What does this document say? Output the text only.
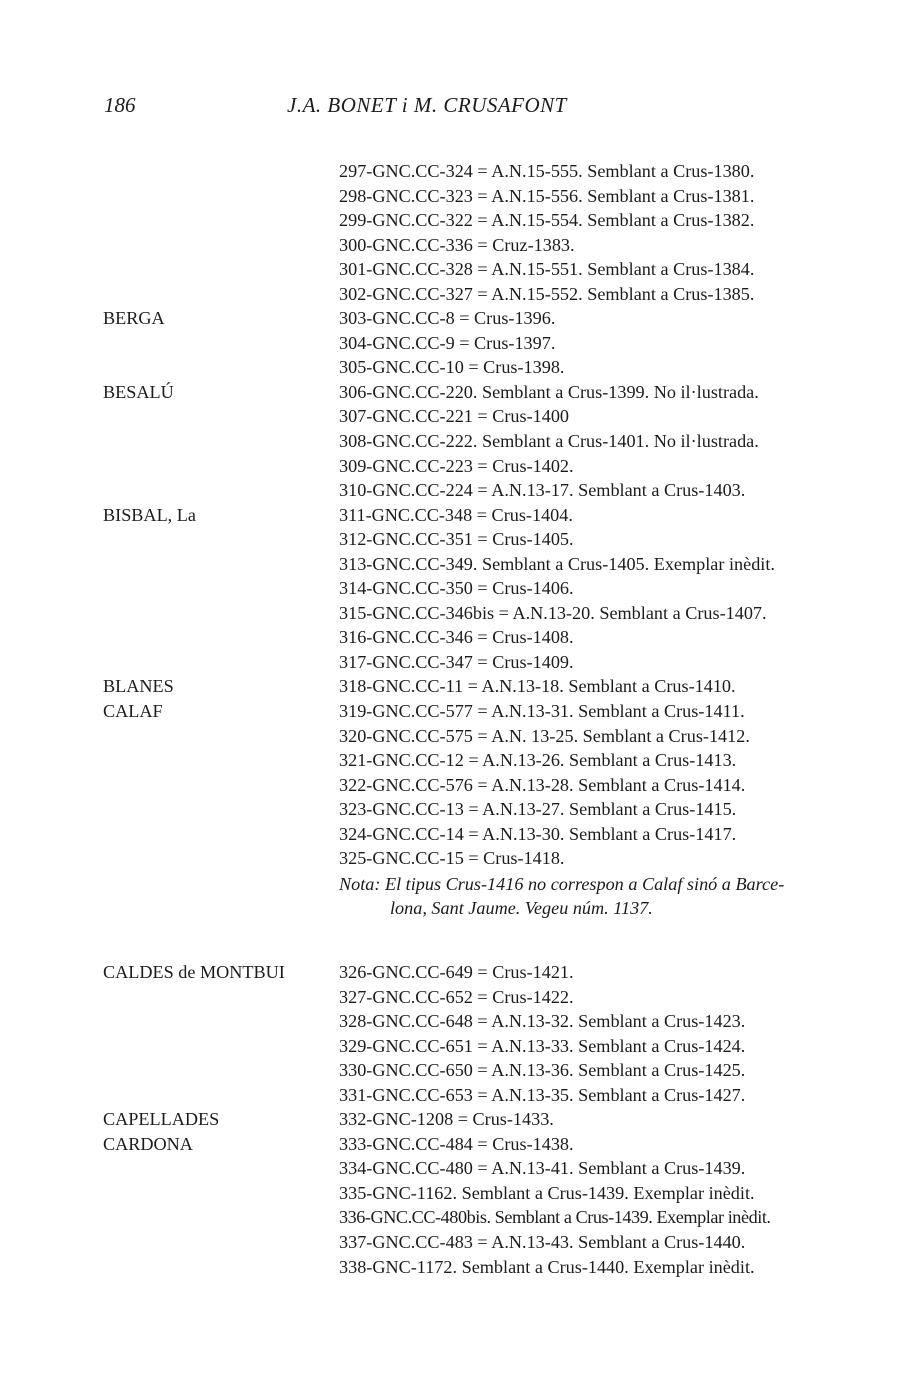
186	J.A. BONET i M. CRUSAFONT
297-GNC.CC-324 = A.N.15-555. Semblant a Crus-1380.
298-GNC.CC-323 = A.N.15-556. Semblant a Crus-1381.
299-GNC.CC-322 = A.N.15-554. Semblant a Crus-1382.
300-GNC.CC-336 = Cruz-1383.
301-GNC.CC-328 = A.N.15-551. Semblant a Crus-1384.
302-GNC.CC-327 = A.N.15-552. Semblant a Crus-1385.
BERGA	303-GNC.CC-8 = Crus-1396.
304-GNC.CC-9 = Crus-1397.
305-GNC.CC-10 = Crus-1398.
BESALÚ	306-GNC.CC-220. Semblant a Crus-1399. No il·lustrada.
307-GNC.CC-221 = Crus-1400
308-GNC.CC-222. Semblant a Crus-1401. No il·lustrada.
309-GNC.CC-223 = Crus-1402.
310-GNC.CC-224 = A.N.13-17. Semblant a Crus-1403.
BISBAL, La	311-GNC.CC-348 = Crus-1404.
312-GNC.CC-351 = Crus-1405.
313-GNC.CC-349. Semblant a Crus-1405. Exemplar inèdit.
314-GNC.CC-350 = Crus-1406.
315-GNC.CC-346bis = A.N.13-20. Semblant a Crus-1407.
316-GNC.CC-346 = Crus-1408.
317-GNC.CC-347 = Crus-1409.
BLANES	318-GNC.CC-11 = A.N.13-18. Semblant a Crus-1410.
CALAF	319-GNC.CC-577 = A.N.13-31. Semblant a Crus-1411.
320-GNC.CC-575 = A.N. 13-25. Semblant a Crus-1412.
321-GNC.CC-12 = A.N.13-26. Semblant a Crus-1413.
322-GNC.CC-576 = A.N.13-28. Semblant a Crus-1414.
323-GNC.CC-13 = A.N.13-27. Semblant a Crus-1415.
324-GNC.CC-14 = A.N.13-30. Semblant a Crus-1417.
325-GNC.CC-15 = Crus-1418.
Nota: El tipus Crus-1416 no correspon a Calaf sinó a Barce-
lona, Sant Jaume. Vegeu núm. 1137.
CALDES de MONTBUI	326-GNC.CC-649 = Crus-1421.
327-GNC.CC-652 = Crus-1422.
328-GNC.CC-648 = A.N.13-32. Semblant a Crus-1423.
329-GNC.CC-651 = A.N.13-33. Semblant a Crus-1424.
330-GNC.CC-650 = A.N.13-36. Semblant a Crus-1425.
331-GNC.CC-653 = A.N.13-35. Semblant a Crus-1427.
CAPELLADES	332-GNC-1208 = Crus-1433.
CARDONA	333-GNC.CC-484 = Crus-1438.
334-GNC.CC-480 = A.N.13-41. Semblant a Crus-1439.
335-GNC-1162. Semblant a Crus-1439. Exemplar inèdit.
336-GNC.CC-480bis. Semblant a Crus-1439. Exemplar inèdit.
337-GNC.CC-483 = A.N.13-43. Semblant a Crus-1440.
338-GNC-1172. Semblant a Crus-1440. Exemplar inèdit.
